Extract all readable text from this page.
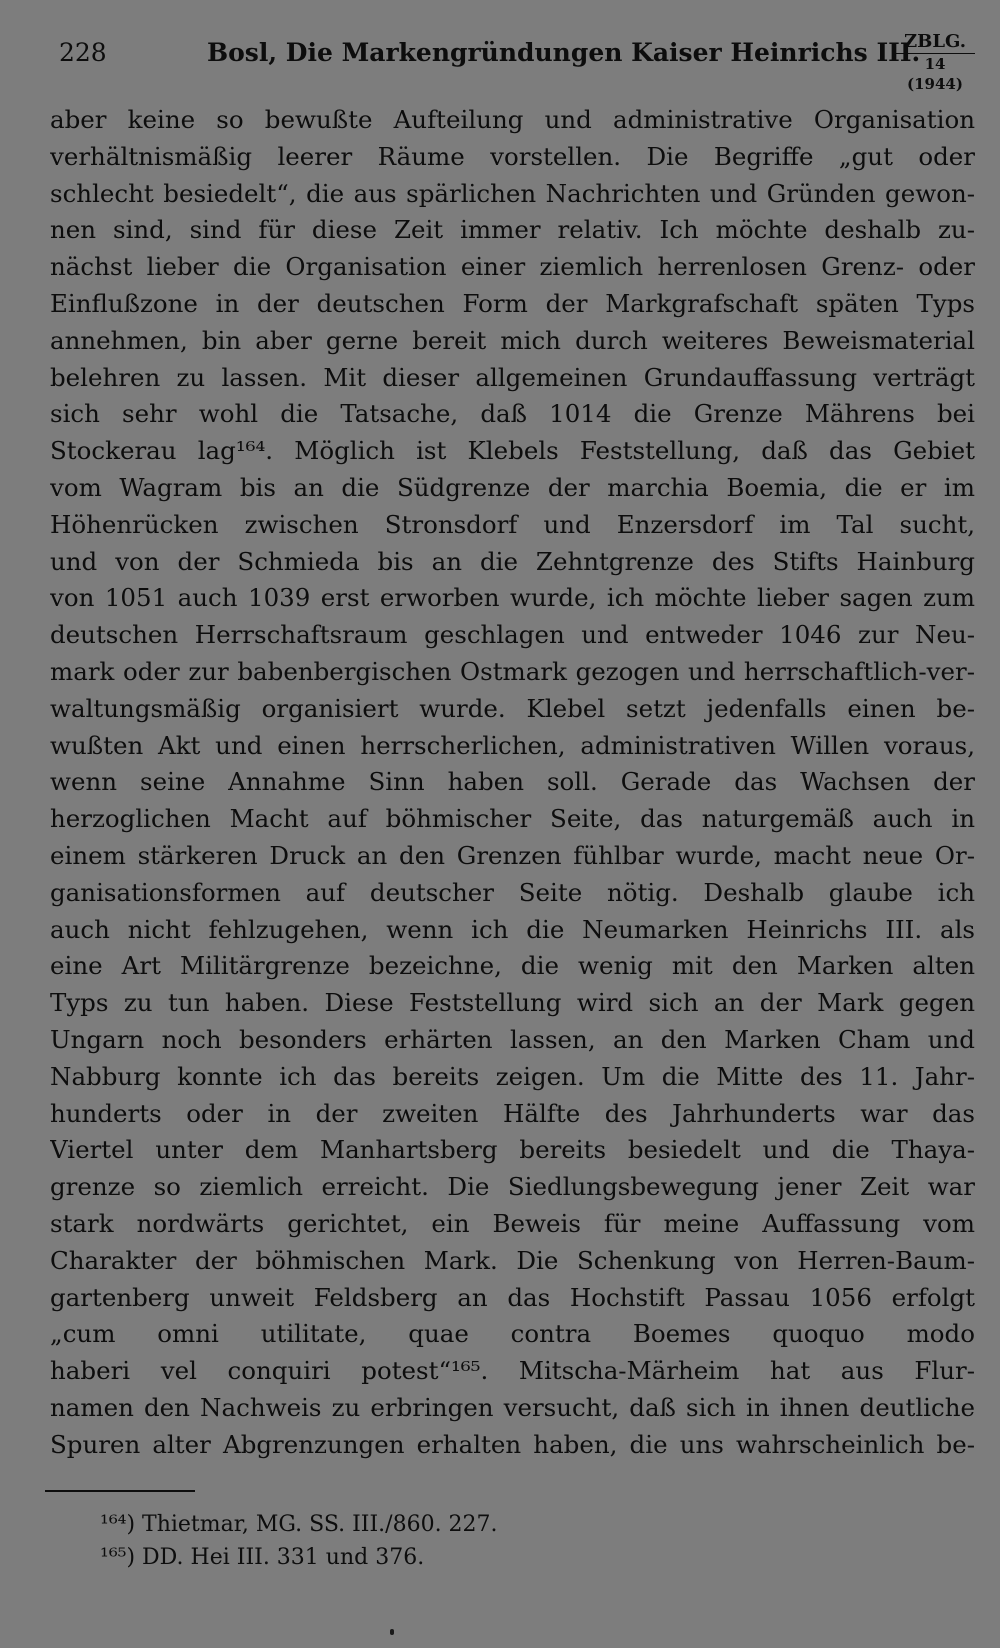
228	Bosl, Die Markengründungen Kaiser Heinrichs III.
ZBLG.
14 (1944)
aber keine so bewußte Aufteilung und administrative Organisation
verhältnismäßig leerer Räume vorstellen. Die Begriffe „gut oder
schlecht besiedelt“, die aus spärlichen Nachrichten und Gründen gewon-
nen sind, sind für diese Zeit immer relativ. Ich möchte deshalb zu-
nächst lieber die Organisation einer ziemlich herrenlosen Grenz- oder
Einflußzone in der deutschen Form der Markgrafschaft späten Typs
annehmen, bin aber gerne bereit mich durch weiteres Beweismaterial
belehren zu lassen. Mit dieser allgemeinen Grundauffassung verträgt
sich sehr wohl die Tatsache, daß 1014 die Grenze Mährens bei
Stockerau lag¹⁶⁴. Möglich ist Klebels Feststellung, daß das Gebiet
vom Wagram bis an die Südgrenze der marchia Boemia, die er im
Höhenrücken zwischen Stronsdorf und Enzersdorf im Tal sucht,
und von der Schmieda bis an die Zehntgrenze des Stifts Hainburg
von 1051 auch 1039 erst erworben wurde, ich möchte lieber sagen zum
deutschen Herrschaftsraum geschlagen und entweder 1046 zur Neu-
mark oder zur babenbergischen Ostmark gezogen und herrschaftlich-ver-
waltungsmäßig organisiert wurde. Klebel setzt jedenfalls einen be-
wußten Akt und einen herrscherlichen, administrativen Willen voraus,
wenn seine Annahme Sinn haben soll. Gerade das Wachsen der
herzoglichen Macht auf böhmischer Seite, das naturgemäß auch in
einem stärkeren Druck an den Grenzen fühlbar wurde, macht neue Or-
ganisationsformen auf deutscher Seite nötig. Deshalb glaube ich
auch nicht fehlzugehen, wenn ich die Neumarken Heinrichs III. als
eine Art Militärgrenze bezeichne, die wenig mit den Marken alten
Typs zu tun haben. Diese Feststellung wird sich an der Mark gegen
Ungarn noch besonders erhärten lassen, an den Marken Cham und
Nabburg konnte ich das bereits zeigen. Um die Mitte des 11. Jahr-
hunderts oder in der zweiten Hälfte des Jahrhunderts war das
Viertel unter dem Manhartsberg bereits besiedelt und die Thaya-
grenze so ziemlich erreicht. Die Siedlungsbewegung jener Zeit war
stark nordwärts gerichtet, ein Beweis für meine Auffassung vom
Charakter der böhmischen Mark. Die Schenkung von Herren-Baum-
gartenberg unweit Feldsberg an das Hochstift Passau 1056 erfolgt
„cum omni utilitate, quae contra Boemes quoquo modo
haberi vel conquiri potest“¹⁶⁵. Mitscha-Märheim hat aus Flur-
namen den Nachweis zu erbringen versucht, daß sich in ihnen deutliche
Spuren alter Abgrenzungen erhalten haben, die uns wahrscheinlich be-
¹⁶⁴) Thietmar, MG. SS. III./860. 227.
¹⁶⁵) DD. Hei III. 331 und 376.
